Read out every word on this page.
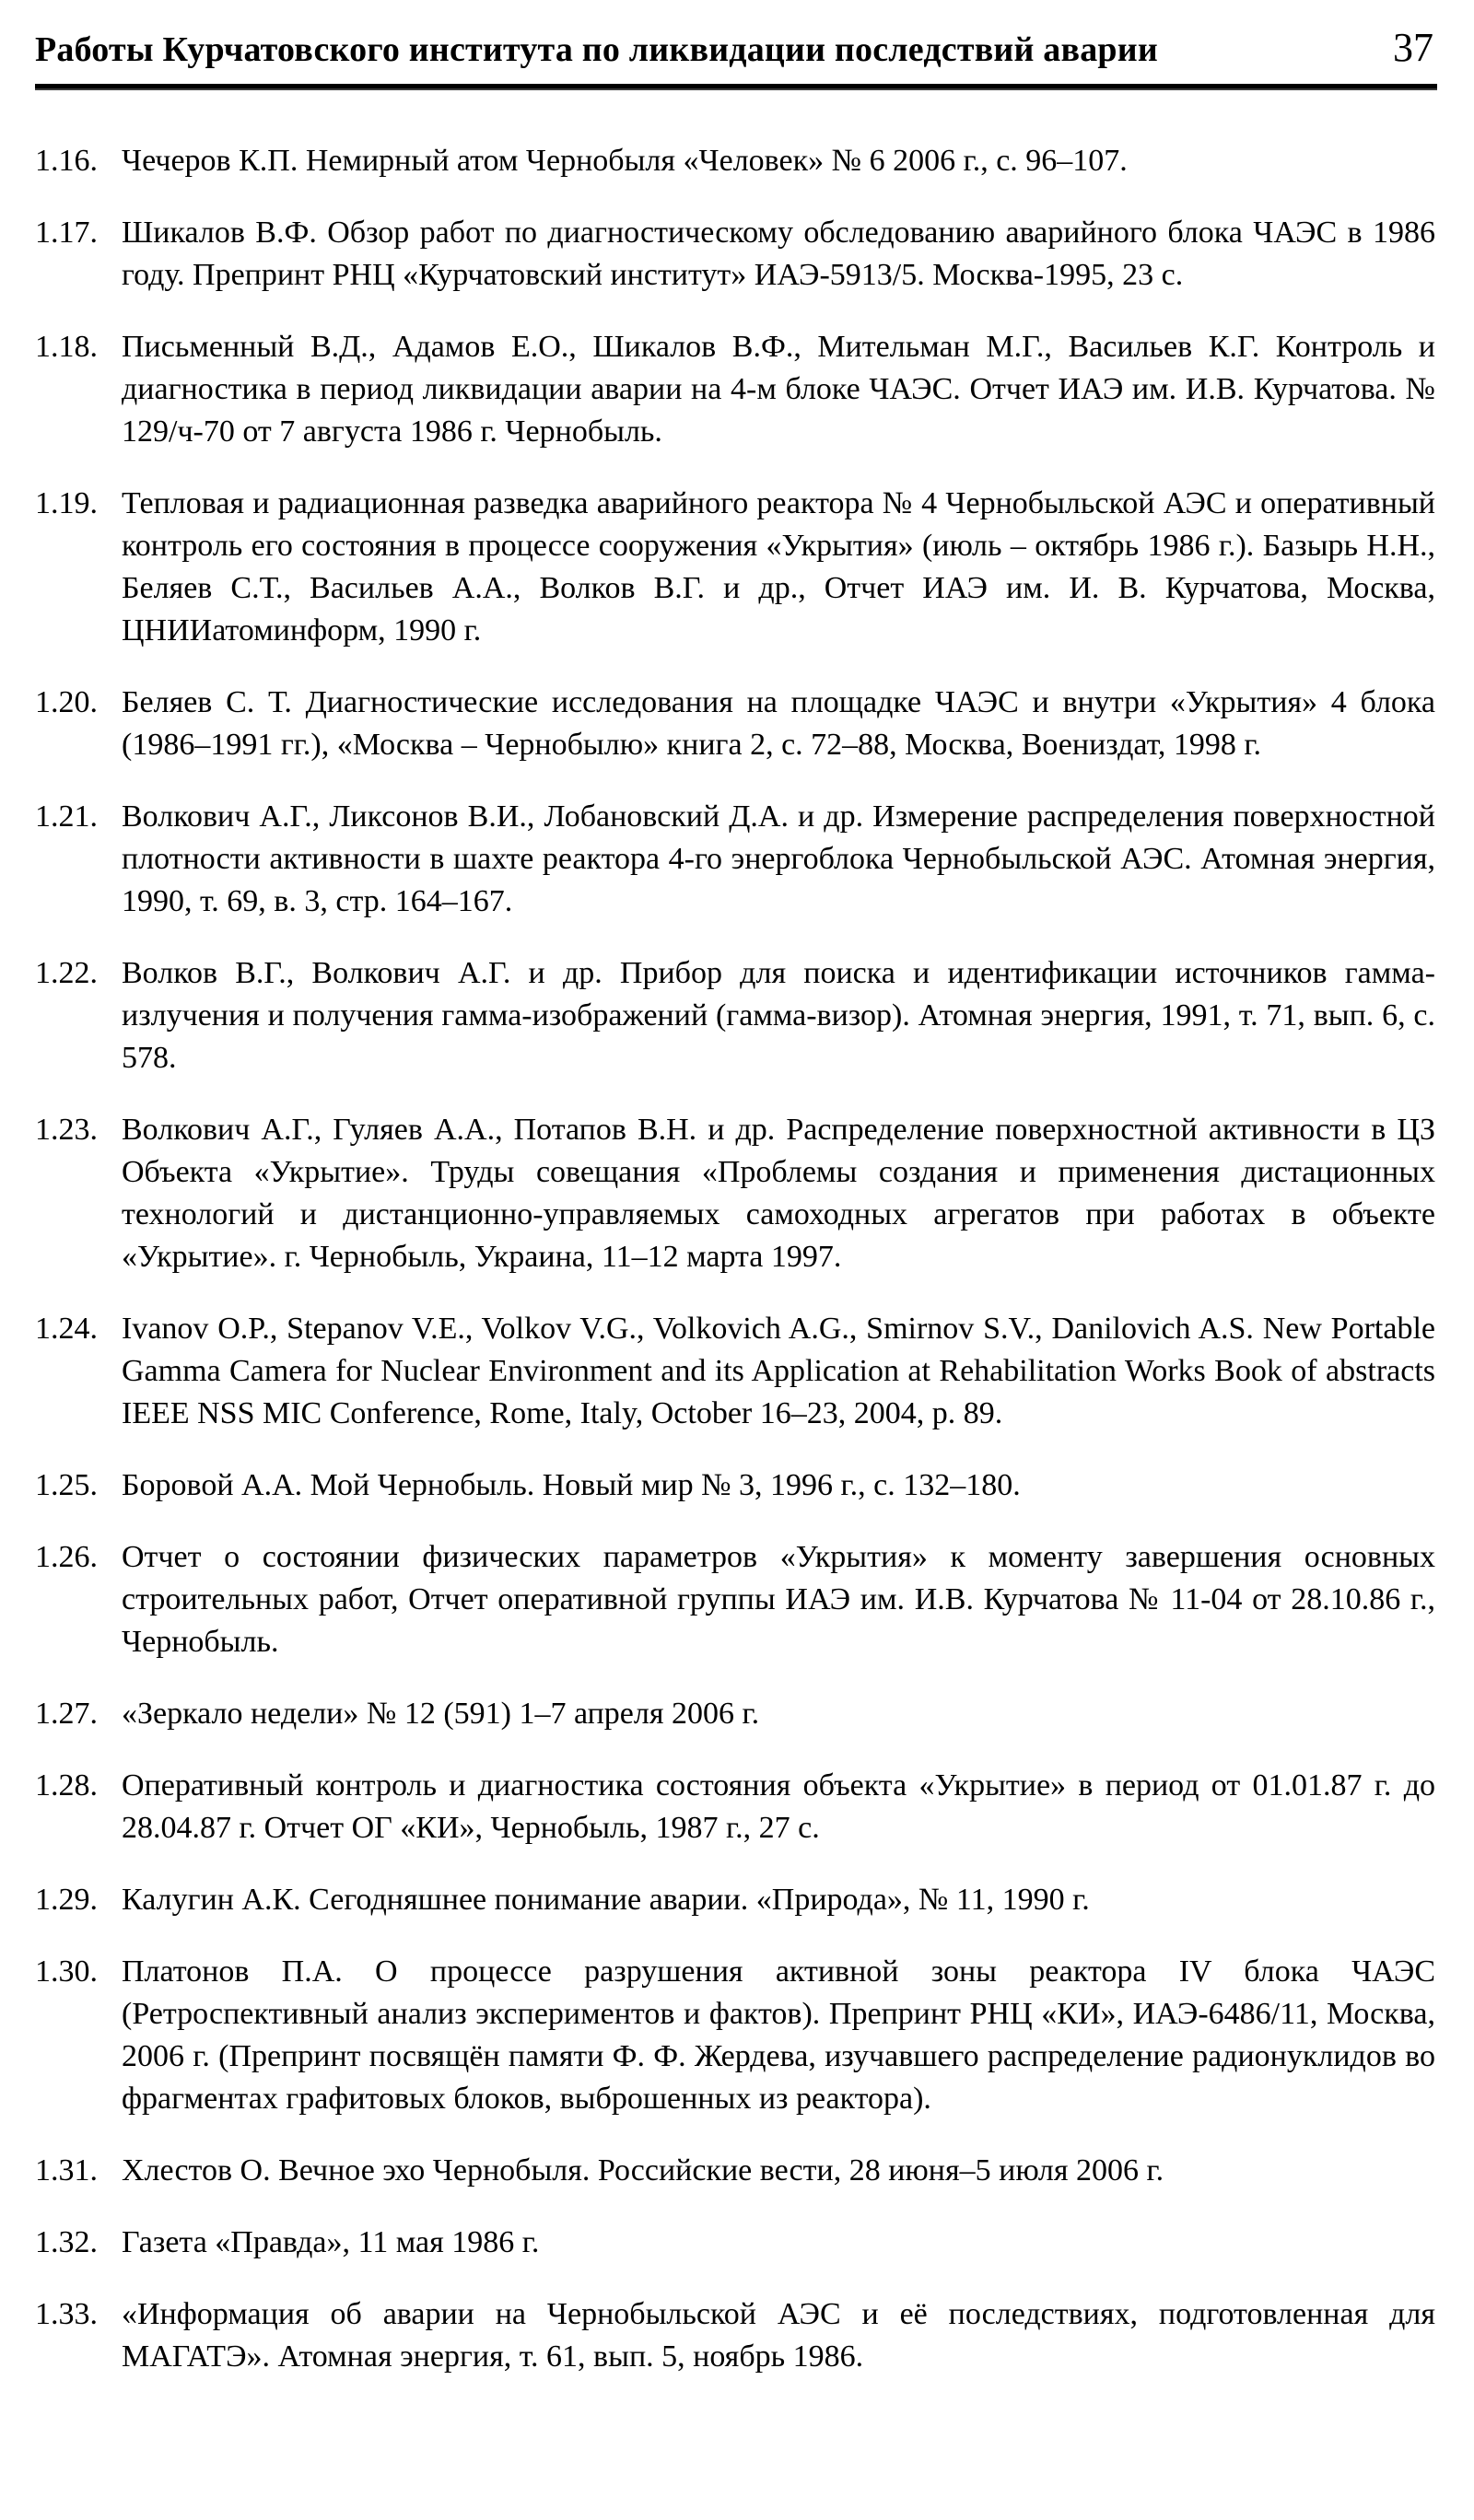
Работы Курчатовского института по ликвидации последствий аварии	37
1.16. Чечеров К.П. Немирный атом Чернобыля «Человек» № 6 2006 г., с. 96–107.
1.17. Шикалов В.Ф. Обзор работ по диагностическому обследованию аварийного блока ЧАЭС в 1986 году. Препринт РНЦ «Курчатовский институт» ИАЭ-5913/5. Москва-1995, 23 с.
1.18. Письменный В.Д., Адамов Е.О., Шикалов В.Ф., Мительман М.Г., Васильев К.Г. Контроль и диагностика в период ликвидации аварии на 4-м блоке ЧАЭС. Отчет ИАЭ им. И.В. Курчатова. № 129/ч-70 от 7 августа 1986 г. Чернобыль.
1.19. Тепловая и радиационная разведка аварийного реактора № 4 Чернобыльской АЭС и оперативный контроль его состояния в процессе сооружения «Укрытия» (июль – октябрь 1986 г.). Базырь Н.Н., Беляев С.Т., Васильев А.А., Волков В.Г. и др., Отчет ИАЭ им. И. В. Курчатова, Москва, ЦНИИатоминформ, 1990 г.
1.20. Беляев С. Т. Диагностические исследования на площадке ЧАЭС и внутри «Укрытия» 4 блока (1986–1991 гг.), «Москва – Чернобылю» книга 2, с. 72–88, Москва, Воениздат, 1998 г.
1.21. Волкович А.Г., Ликсонов В.И., Лобановский Д.А. и др. Измерение распределения поверхностной плотности активности в шахте реактора 4-го энергоблока Чернобыльской АЭС. Атомная энергия, 1990, т. 69, в. 3, стр. 164–167.
1.22. Волков В.Г., Волкович А.Г. и др. Прибор для поиска и идентификации источников гамма-излучения и получения гамма-изображений (гамма-визор). Атомная энергия, 1991, т. 71, вып. 6, с. 578.
1.23. Волкович А.Г., Гуляев А.А., Потапов В.Н. и др. Распределение поверхностной активности в ЦЗ Объекта «Укрытие». Труды совещания «Проблемы создания и применения дистационных технологий и дистанционно-управляемых самоходных агрегатов при работах в объекте «Укрытие». г. Чернобыль, Украина, 11–12 марта 1997.
1.24. Ivanov O.P., Stepanov V.E., Volkov V.G., Volkovich A.G., Smirnov S.V., Danilovich A.S. New Portable Gamma Camera for Nuclear Environment and its Application at Rehabilitation Works Book of abstracts IEEE NSS MIC Conference, Rome, Italy, October 16–23, 2004, p. 89.
1.25. Боровой А.А. Мой Чернобыль. Новый мир № 3, 1996 г., с. 132–180.
1.26. Отчет о состоянии физических параметров «Укрытия» к моменту завершения основных строительных работ, Отчет оперативной группы ИАЭ им. И.В. Курчатова № 11-04 от 28.10.86 г., Чернобыль.
1.27. «Зеркало недели» № 12 (591) 1–7 апреля 2006 г.
1.28. Оперативный контроль и диагностика состояния объекта «Укрытие» в период от 01.01.87 г. до 28.04.87 г. Отчет ОГ «КИ», Чернобыль, 1987 г., 27 с.
1.29. Калугин А.К. Сегодняшнее понимание аварии. «Природа», № 11, 1990 г.
1.30. Платонов П.А. О процессе разрушения активной зоны реактора IV блока ЧАЭС (Ретроспективный анализ экспериментов и фактов). Препринт РНЦ «КИ», ИАЭ-6486/11, Москва, 2006 г. (Препринт посвящён памяти Ф. Ф. Жердева, изучавшего распределение радионуклидов во фрагментах графитовых блоков, выброшенных из реактора).
1.31. Хлестов О. Вечное эхо Чернобыля. Российские вести, 28 июня–5 июля 2006 г.
1.32. Газета «Правда», 11 мая 1986 г.
1.33. «Информация об аварии на Чернобыльской АЭС и её последствиях, подготовленная для МАГАТЭ». Атомная энергия, т. 61, вып. 5, ноябрь 1986.
